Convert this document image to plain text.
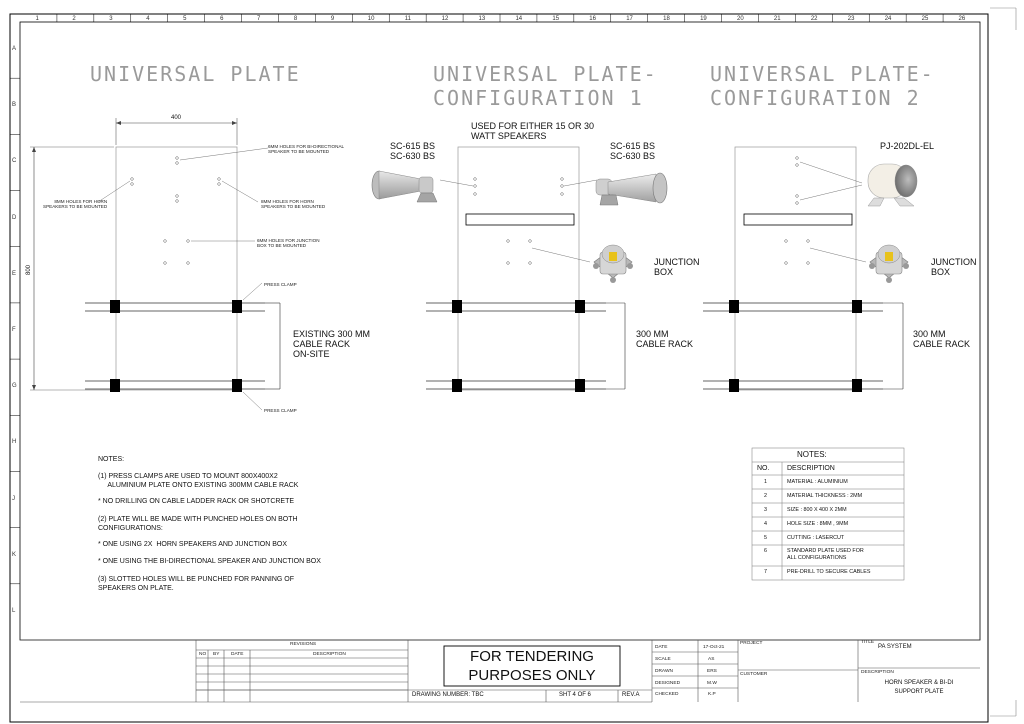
1	2	3	4	5	6	7	8	9	10	11	12	13	14	15	16	17	18	19	20	21	22	23	24	25	26
A
B
C
D
E
F
G
H
J
K
L
UNIVERSAL PLATE	UNIVERSAL PLATE-
CONFIGURATION 1
UNIVERSAL PLATE-
CONFIGURATION 2
400
800
6MM HOLES FOR BI-DIRECTIONAL
SPEAKER TO BE MOUNTED
8MM HOLES FOR HORN
SPEAKERS TO BE MOUNTED
8MM HOLES FOR HORN
SPEAKERS TO BE MOUNTED
6MM HOLES FOR JUNCTION
BOX TO BE MOUNTED
PRESS CLAMP
PRESS CLAMP
EXISTING 300 MM
CABLE RACK
ON-SITE
USED FOR EITHER 15 OR 30
WATT SPEAKERS
SC-615 BS
SC-630 BS
SC-615 BS
SC-630 BS
JUNCTION
BOX
300 MM
CABLE RACK
PJ-202DL-EL
JUNCTION
BOX
300 MM
CABLE RACK
NOTES:
(1) PRESS CLAMPS ARE USED TO MOUNT 800X400X2
ALUMINIUM PLATE ONTO EXISTING 300MM CABLE RACK
* NO DRILLING ON CABLE LADDER RACK OR SHOTCRETE
(2) PLATE WILL BE MADE WITH PUNCHED HOLES ON BOTH
CONFIGURATIONS:
* ONE USING 2X  HORN SPEAKERS AND JUNCTION BOX
* ONE USING THE BI-DIRECTIONAL SPEAKER AND JUNCTION BOX
(3) SLOTTED HOLES WILL BE PUNCHED FOR PANNING OF
SPEAKERS ON PLATE.
NOTES:
NO.	DESCRIPTION
1	MATERIAL : ALUMINIUM
2	MATERIAL THICKNESS : 2MM
3	SIZE : 800 X 400 X 2MM
4	HOLE SIZE : 8MM , 9MM
5	CUTTING : LASERCUT
6	STANDARD PLATE USED FOR
ALL CONFIGURATIONS
7	PRE-DRILL TO SECURE CABLES
REVISIONS
NO BY DATE	DESCRIPTION	FOR TENDERING
PURPOSES ONLY
DRAWING NUMBER: TBC	SHT 4 OF 6	REV.A
DATE	17-Oct-21
SCALE	AS
DRAWN	ERS
DESIGNED	M.W
CHECKED	K.P
PROJECT
CUSTOMER
TITLE
PA SYSTEM
DESCRIPTION
HORN SPEAKER & BI-DI
SUPPORT PLATE
